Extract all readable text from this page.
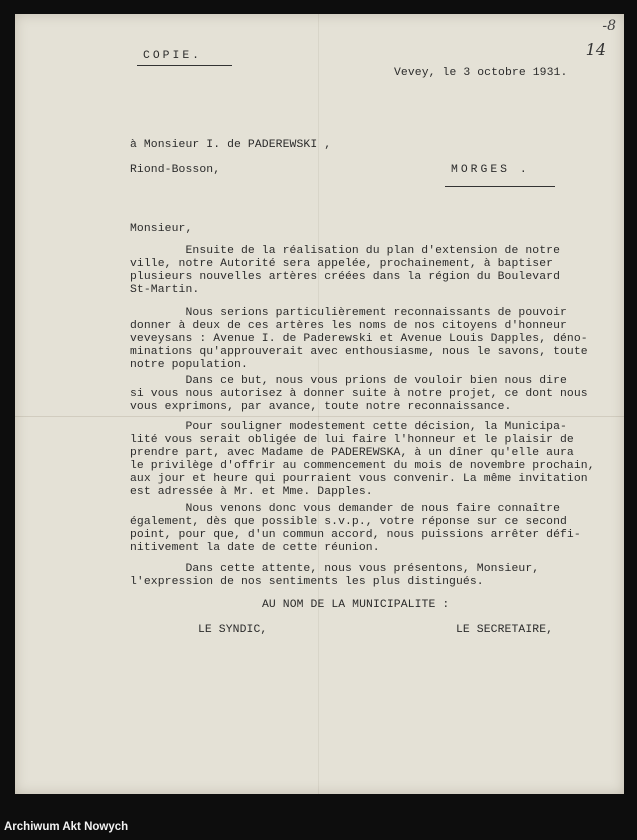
-8
14
COPIE.
Vevey, le 3 octobre 1931.
à Monsieur I. de PADEREWSKI ,
Riond-Bosson,	MORGES .
Monsieur,
Ensuite de la réalisation du plan d'extension de notre
ville, notre Autorité sera appelée, prochainement, à baptiser
plusieurs nouvelles artères créées dans la région du Boulevard
St-Martin.
Nous serions particulièrement reconnaissants de pouvoir
donner à deux de ces artères les noms de nos citoyens d'honneur
veveysans : Avenue I. de Paderewski et Avenue Louis Dapples, déno-
minations qu'approuverait avec enthousiasme, nous le savons, toute
notre population.
Dans ce but, nous vous prions de vouloir bien nous dire
si vous nous autorisez à donner suite à notre projet, ce dont nous
vous exprimons, par avance, toute notre reconnaissance.
Pour souligner modestement cette décision, la Municipa-
lité vous serait obligée de lui faire l'honneur et le plaisir de
prendre part, avec Madame de PADEREWSKA, à un dîner qu'elle aura
le privilège d'offrir au commencement du mois de novembre prochain,
aux jour et heure qui pourraient vous convenir. La même invitation
est adressée à Mr. et Mme. Dapples.
Nous venons donc vous demander de nous faire connaître
également, dès que possible s.v.p., votre réponse sur ce second
point, pour que, d'un commun accord, nous puissions arrêter défi-
nitivement la date de cette réunion.
Dans cette attente, nous vous présentons, Monsieur,
l'expression de nos sentiments les plus distingués.
AU NOM DE LA MUNICIPALITE :
LE SYNDIC,	LE SECRETAIRE,
Archiwum Akt Nowych
